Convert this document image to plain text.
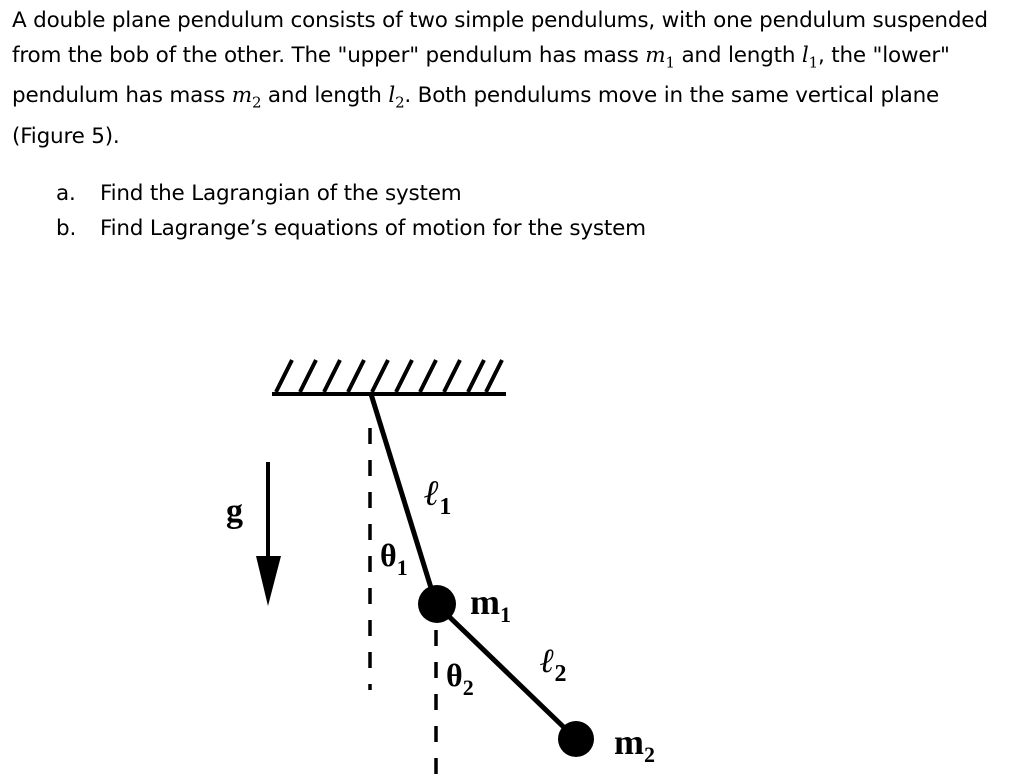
A double plane pendulum consists of two simple pendulums, with one pendulum suspended from the bob of the other. The "upper" pendulum has mass $m_1$ and length $l_1$, the "lower" pendulum has mass $m_2$ and length $l_2$. Both pendulums move in the same vertical plane (Figure 5).
a.	Find the Lagrangian of the system
b.	Find Lagrange’s equations of motion for the system
g	ℓ$_1$
$\theta_1$
$m_1$
$\theta_2$
ℓ$_2$
$m_2$
